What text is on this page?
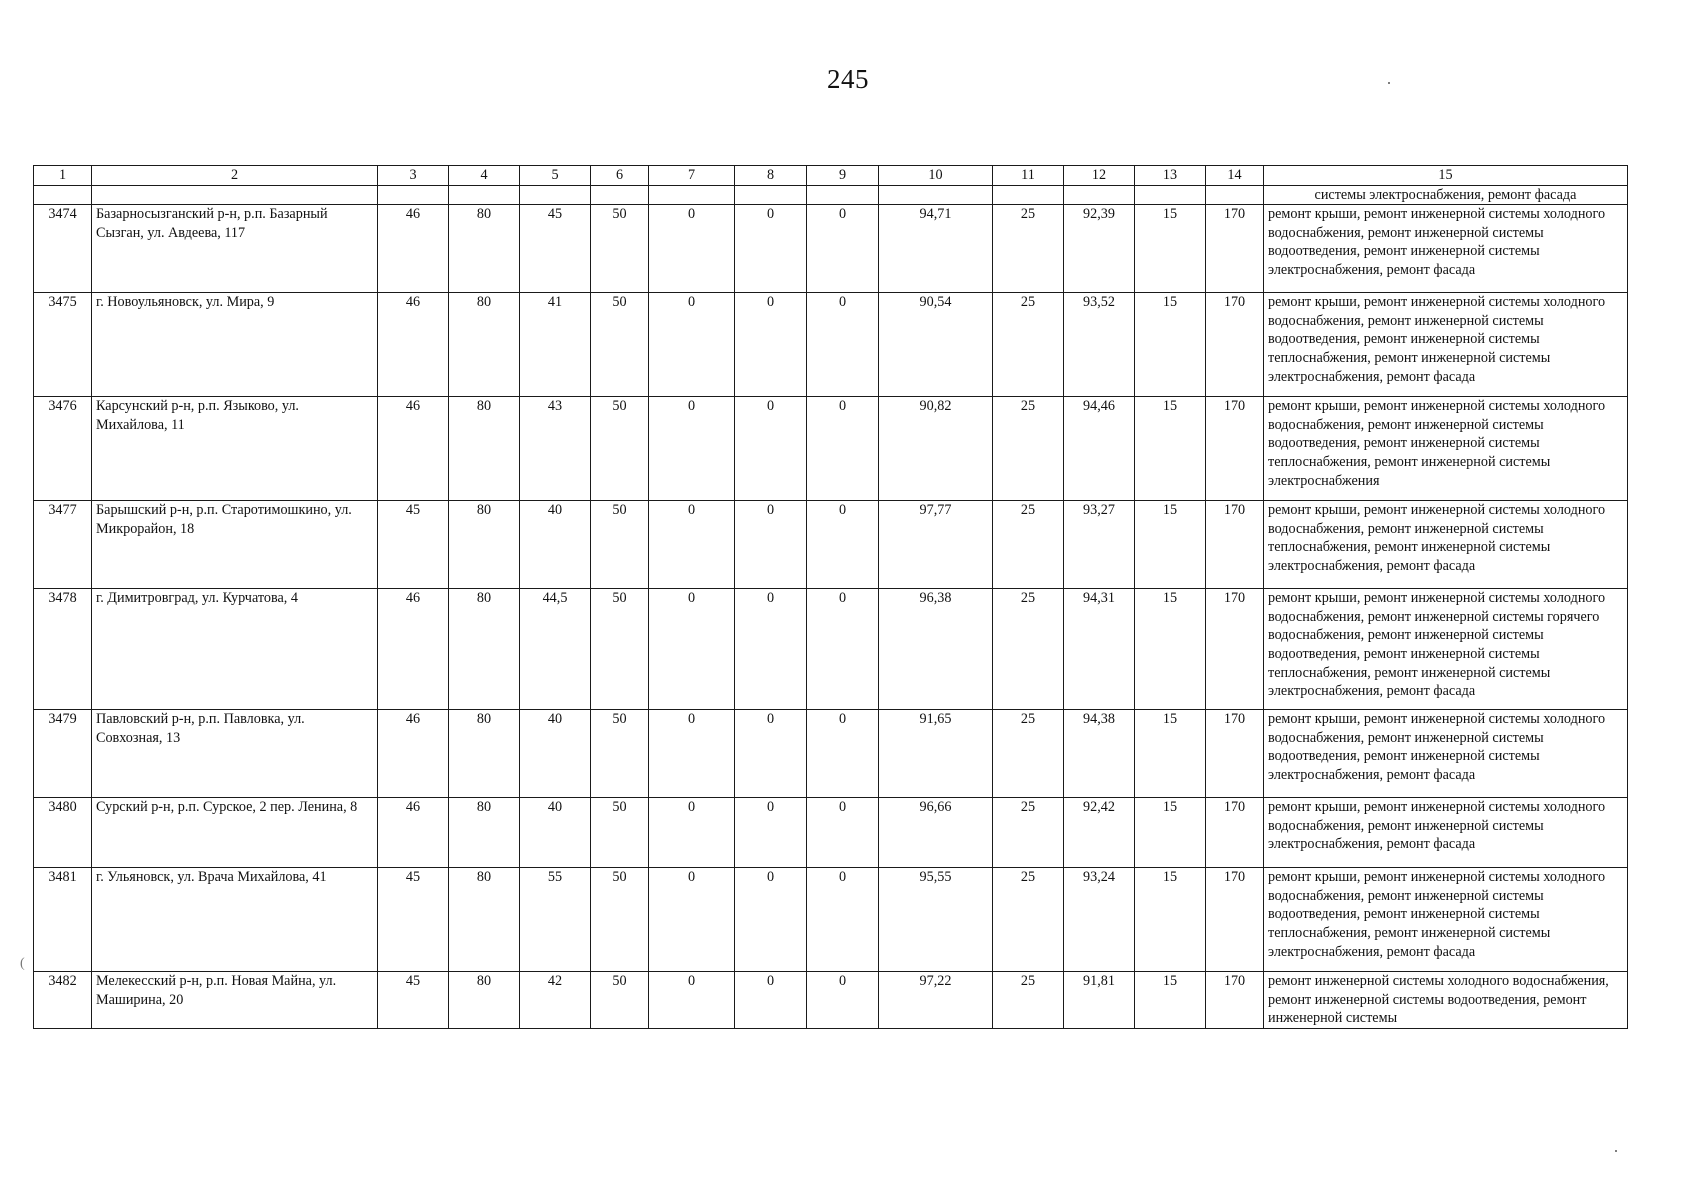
245
(
1	2	3	4	5	6	7	8	9	10	11	12	13	14	15
														системы электроснабжения, ремонт фасада
3474	Базарносызганский р-н, р.п. Базарный Сызган, ул. Авдеева, 117	46	80	45	50	0	0	0	94,71	25	92,39	15	170	ремонт крыши, ремонт инженерной системы холодного водоснабжения, ремонт инженерной системы водоотведения, ремонт инженерной системы электроснабжения, ремонт фасада
3475	г. Новоульяновск, ул. Мира, 9	46	80	41	50	0	0	0	90,54	25	93,52	15	170	ремонт крыши, ремонт инженерной системы холодного водоснабжения, ремонт инженерной системы водоотведения, ремонт инженерной системы теплоснабжения, ремонт инженерной системы электроснабжения, ремонт фасада
3476	Карсунский р-н, р.п. Языково, ул. Михайлова, 11	46	80	43	50	0	0	0	90,82	25	94,46	15	170	ремонт крыши, ремонт инженерной системы холодного водоснабжения, ремонт инженерной системы водоотведения, ремонт инженерной системы теплоснабжения, ремонт инженерной системы электроснабжения
3477	Барышский р-н, р.п. Старотимошкино, ул. Микрорайон, 18	45	80	40	50	0	0	0	97,77	25	93,27	15	170	ремонт крыши, ремонт инженерной системы холодного водоснабжения, ремонт инженерной системы теплоснабжения, ремонт инженерной системы электроснабжения, ремонт фасада
3478	г. Димитровград, ул. Курчатова, 4	46	80	44,5	50	0	0	0	96,38	25	94,31	15	170	ремонт крыши, ремонт инженерной системы холодного водоснабжения, ремонт инженерной системы горячего водоснабжения, ремонт инженерной системы водоотведения, ремонт инженерной системы теплоснабжения, ремонт инженерной системы электроснабжения, ремонт фасада
3479	Павловский р-н, р.п. Павловка, ул. Совхозная, 13	46	80	40	50	0	0	0	91,65	25	94,38	15	170	ремонт крыши, ремонт инженерной системы холодного водоснабжения, ремонт инженерной системы водоотведения, ремонт инженерной системы электроснабжения, ремонт фасада
3480	Сурский р-н, р.п. Сурское, 2 пер. Ленина, 8	46	80	40	50	0	0	0	96,66	25	92,42	15	170	ремонт крыши, ремонт инженерной системы холодного водоснабжения, ремонт инженерной системы электроснабжения, ремонт фасада
3481	г. Ульяновск, ул. Врача Михайлова, 41	45	80	55	50	0	0	0	95,55	25	93,24	15	170	ремонт крыши, ремонт инженерной системы холодного водоснабжения, ремонт инженерной системы водоотведения, ремонт инженерной системы теплоснабжения, ремонт инженерной системы электроснабжения, ремонт фасада
3482	Мелекесский р-н, р.п. Новая Майна, ул. Маширина, 20	45	80	42	50	0	0	0	97,22	25	91,81	15	170	ремонт инженерной системы холодного водоснабжения, ремонт инженерной системы водоотведения, ремонт инженерной системы
